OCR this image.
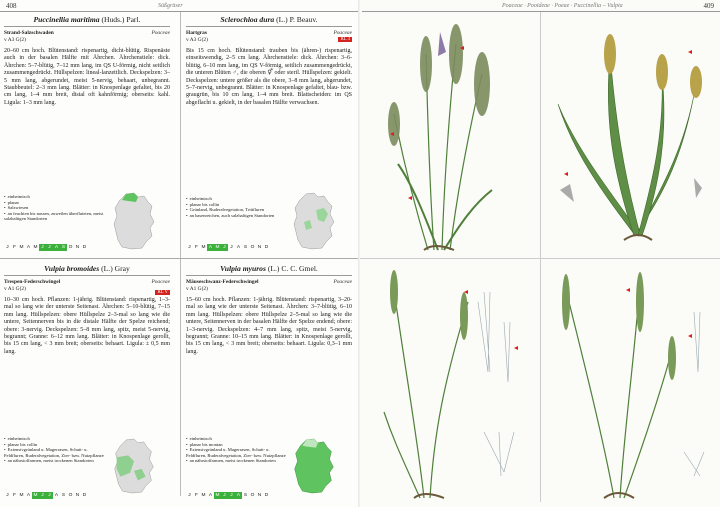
408	Süßgräser
Puccinellia maritima (Huds.) Parl.
Strand-Salzschwaden	Poaceae
v A3 G(2)
20–60 cm hoch. Blütenstand: rispenartig, dicht-blütig. Rispenäste auch in der basalen Hälfte mit Ährchen. Ährchenstiele: dick. Ährchen: 5–7-blütig, 7–12 mm lang, im QS U-förmig, nicht seitlich zusammengedrückt. Hüllspelzen: lineal-lanzettlich. Deckspelzen: 3–5 mm lang, abgerundet, meist 5-nervig, behaart, unbegrannt. Staubbeutel: 2–3 mm lang. Blätter: in Knospenlage gefaltet, bis 20 cm lang, 1–4 mm breit, distal oft kahnförmig; oberseits: kahl. Ligula: 1–3 mm lang.
• einheimisch
• planar
• Salzwiesen
• an feuchten bis nassen, zuweilen überfluteten, meist salzhaltigen Standorten
J F M A M J J A S O N D
Sclerochloa dura (L.) P. Beauv.
Hartgras	Poaceae
v A3 G(2)	RL 3
Bis 15 cm hoch. Blütenstand: trauben bis (ähren-) rispenartig, einseitswendig, 2–5 cm lang. Ährchenstiele: dick. Ährchen: 3–6-blütig, 6–10 mm lang, im QS V-förmig, seitlich zusammengedrückt, die unteren Blüten ♂, die oberen ⚥ oder steril. Hüllspelzen: gekielt. Deckspelzen: untere größer als die obere, 3–8 mm lang, abgerundet, 5–7-nervig, unbegrannt. Blätter: in Knospenlage gefaltet, blau- bzw. graugrün, bis 10 cm lang, 1–4 mm breit. Blattscheiden: im QS abgeflacht u. gekielt, in der basalen Hälfte verwachsen.
• einheimisch
• planar bis collin
• Grünland, Ruderalvegetation, Trittfluren
• an basenreichen, auch salzhaltigen Standorten
J F M A M J J A S O N D
Vulpia bromoides (L.) Gray
Trespen-Federschwingel	Poaceae
v A1 G(2)
RL V
10–30 cm hoch. Pflanzen: 1-jährig. Blütenstand: rispenartig, 1–3-mal so lang wie der unterste Seitenast. Ährchen: 5–10-blütig, 7–15 mm lang. Hüllspelzen: obere Hüllspelze 2–3-mal so lang wie die untere, Seitennerven bis in die distale Hälfte der Spelze reichend; obere: 3-nervig. Deckspelzen: 5–8 mm lang, spitz, meist 5-nervig, begrannt; Granne: 6–12 mm lang. Blätter: in Knospenlage gerollt, bis 15 cm lang, < 3 mm breit; oberseits: behaart. Ligula: ± 0,5 mm lang.
• einheimisch
• planar bis collin
• Extensivgrünland u. Magerrasen, Schutt- u. Feldfluren, Ruderalvegetation, Zier- bzw. Nutzpflanze
• an nährstoffarmen, meist trockenen Standorten
J F M A M J J A S O N D
Vulpia myuros (L.) C. C. Gmel.
Mäuseschwanz-Federschwingel	Poaceae
v A1 G(2)
15–60 cm hoch. Pflanzen: 1-jährig. Blütenstand: rispenartig, 3–20-mal so lang wie der unterste Seitenast. Ährchen: 3–7-blütig, 6–10 mm lang. Hüllspelzen: obere Hüllspelze 2–5-mal so lang wie die untere, Seitennerven in der basalen Hälfte der Spelze endend; obere: 1–3-nervig. Deckspelzen: 4–7 mm lang, spitz, meist 5-nervig, begrannt; Granne: 10–15 mm lang. Blätter: in Knospenlage gerollt, bis 15 cm lang, < 3 mm breit; oberseits: behaart. Ligula: 0,3–1 mm lang.
• einheimisch
• planar bis montan
• Extensivgrünland u. Magerrasen, Schutt- u. Feldfluren, Ruderalvegetation, Zier- bzw. Nutzpflanze
• an nährstoffarmen, meist trockenen Standorten
J F M A M J J A S O N D
Poaceae · Pooideae · Poeae · Puccinellia – Vulpia	409
